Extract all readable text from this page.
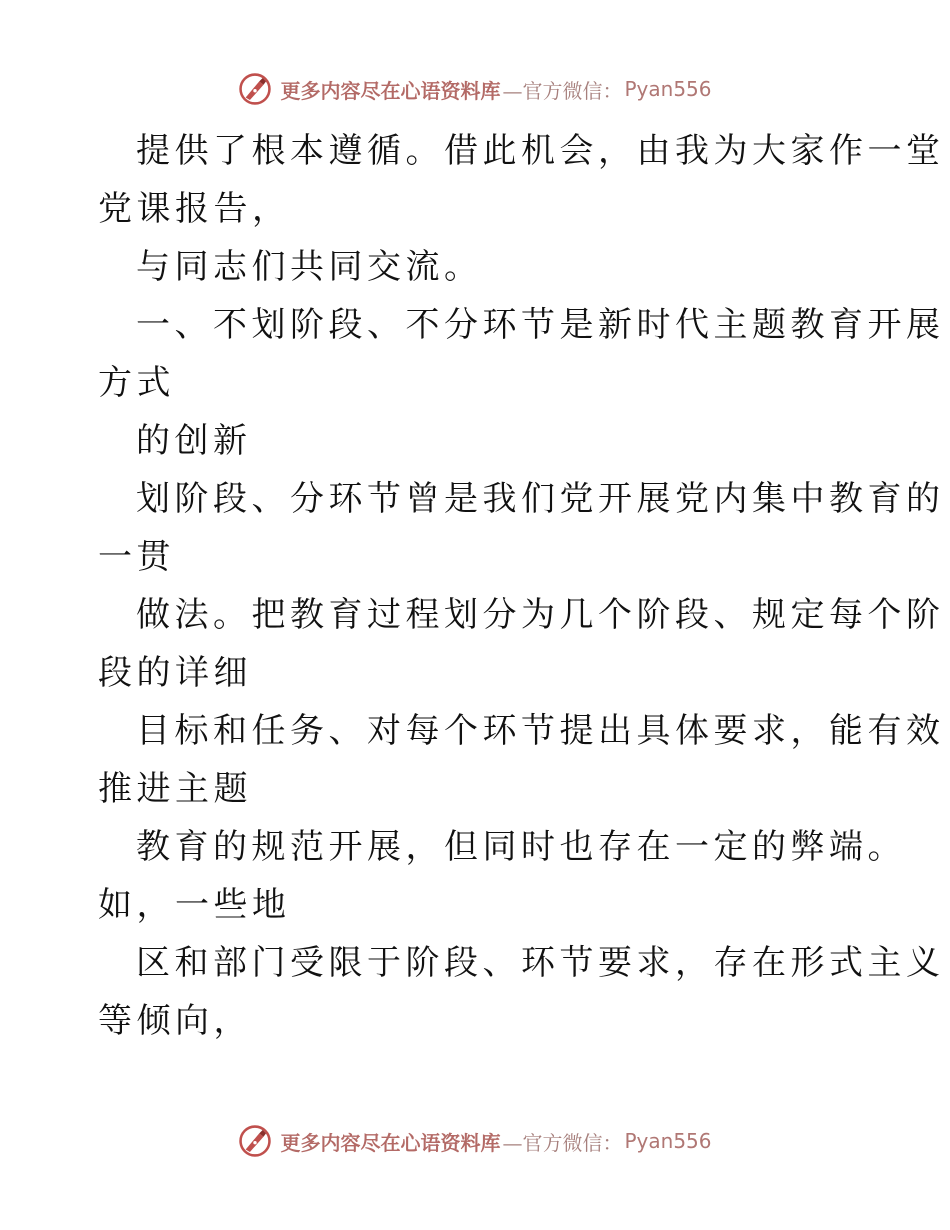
更多内容尽在心语资料库 —官方微信： Pyan556
提供了根本遵循。借此机会，由我为大家作一堂
党课报告，
与同志们共同交流。
一、不划阶段、不分环节是新时代主题教育开展
方式
的创新
划阶段、分环节曾是我们党开展党内集中教育的
一贯
做法。把教育过程划分为几个阶段、规定每个阶
段的详细
目标和任务、对每个环节提出具体要求，能有效
推进主题
教育的规范开展，但同时也存在一定的弊端。
如，一些地
区和部门受限于阶段、环节要求，存在形式主义
等倾向，
更多内容尽在心语资料库 —官方微信： Pyan556
